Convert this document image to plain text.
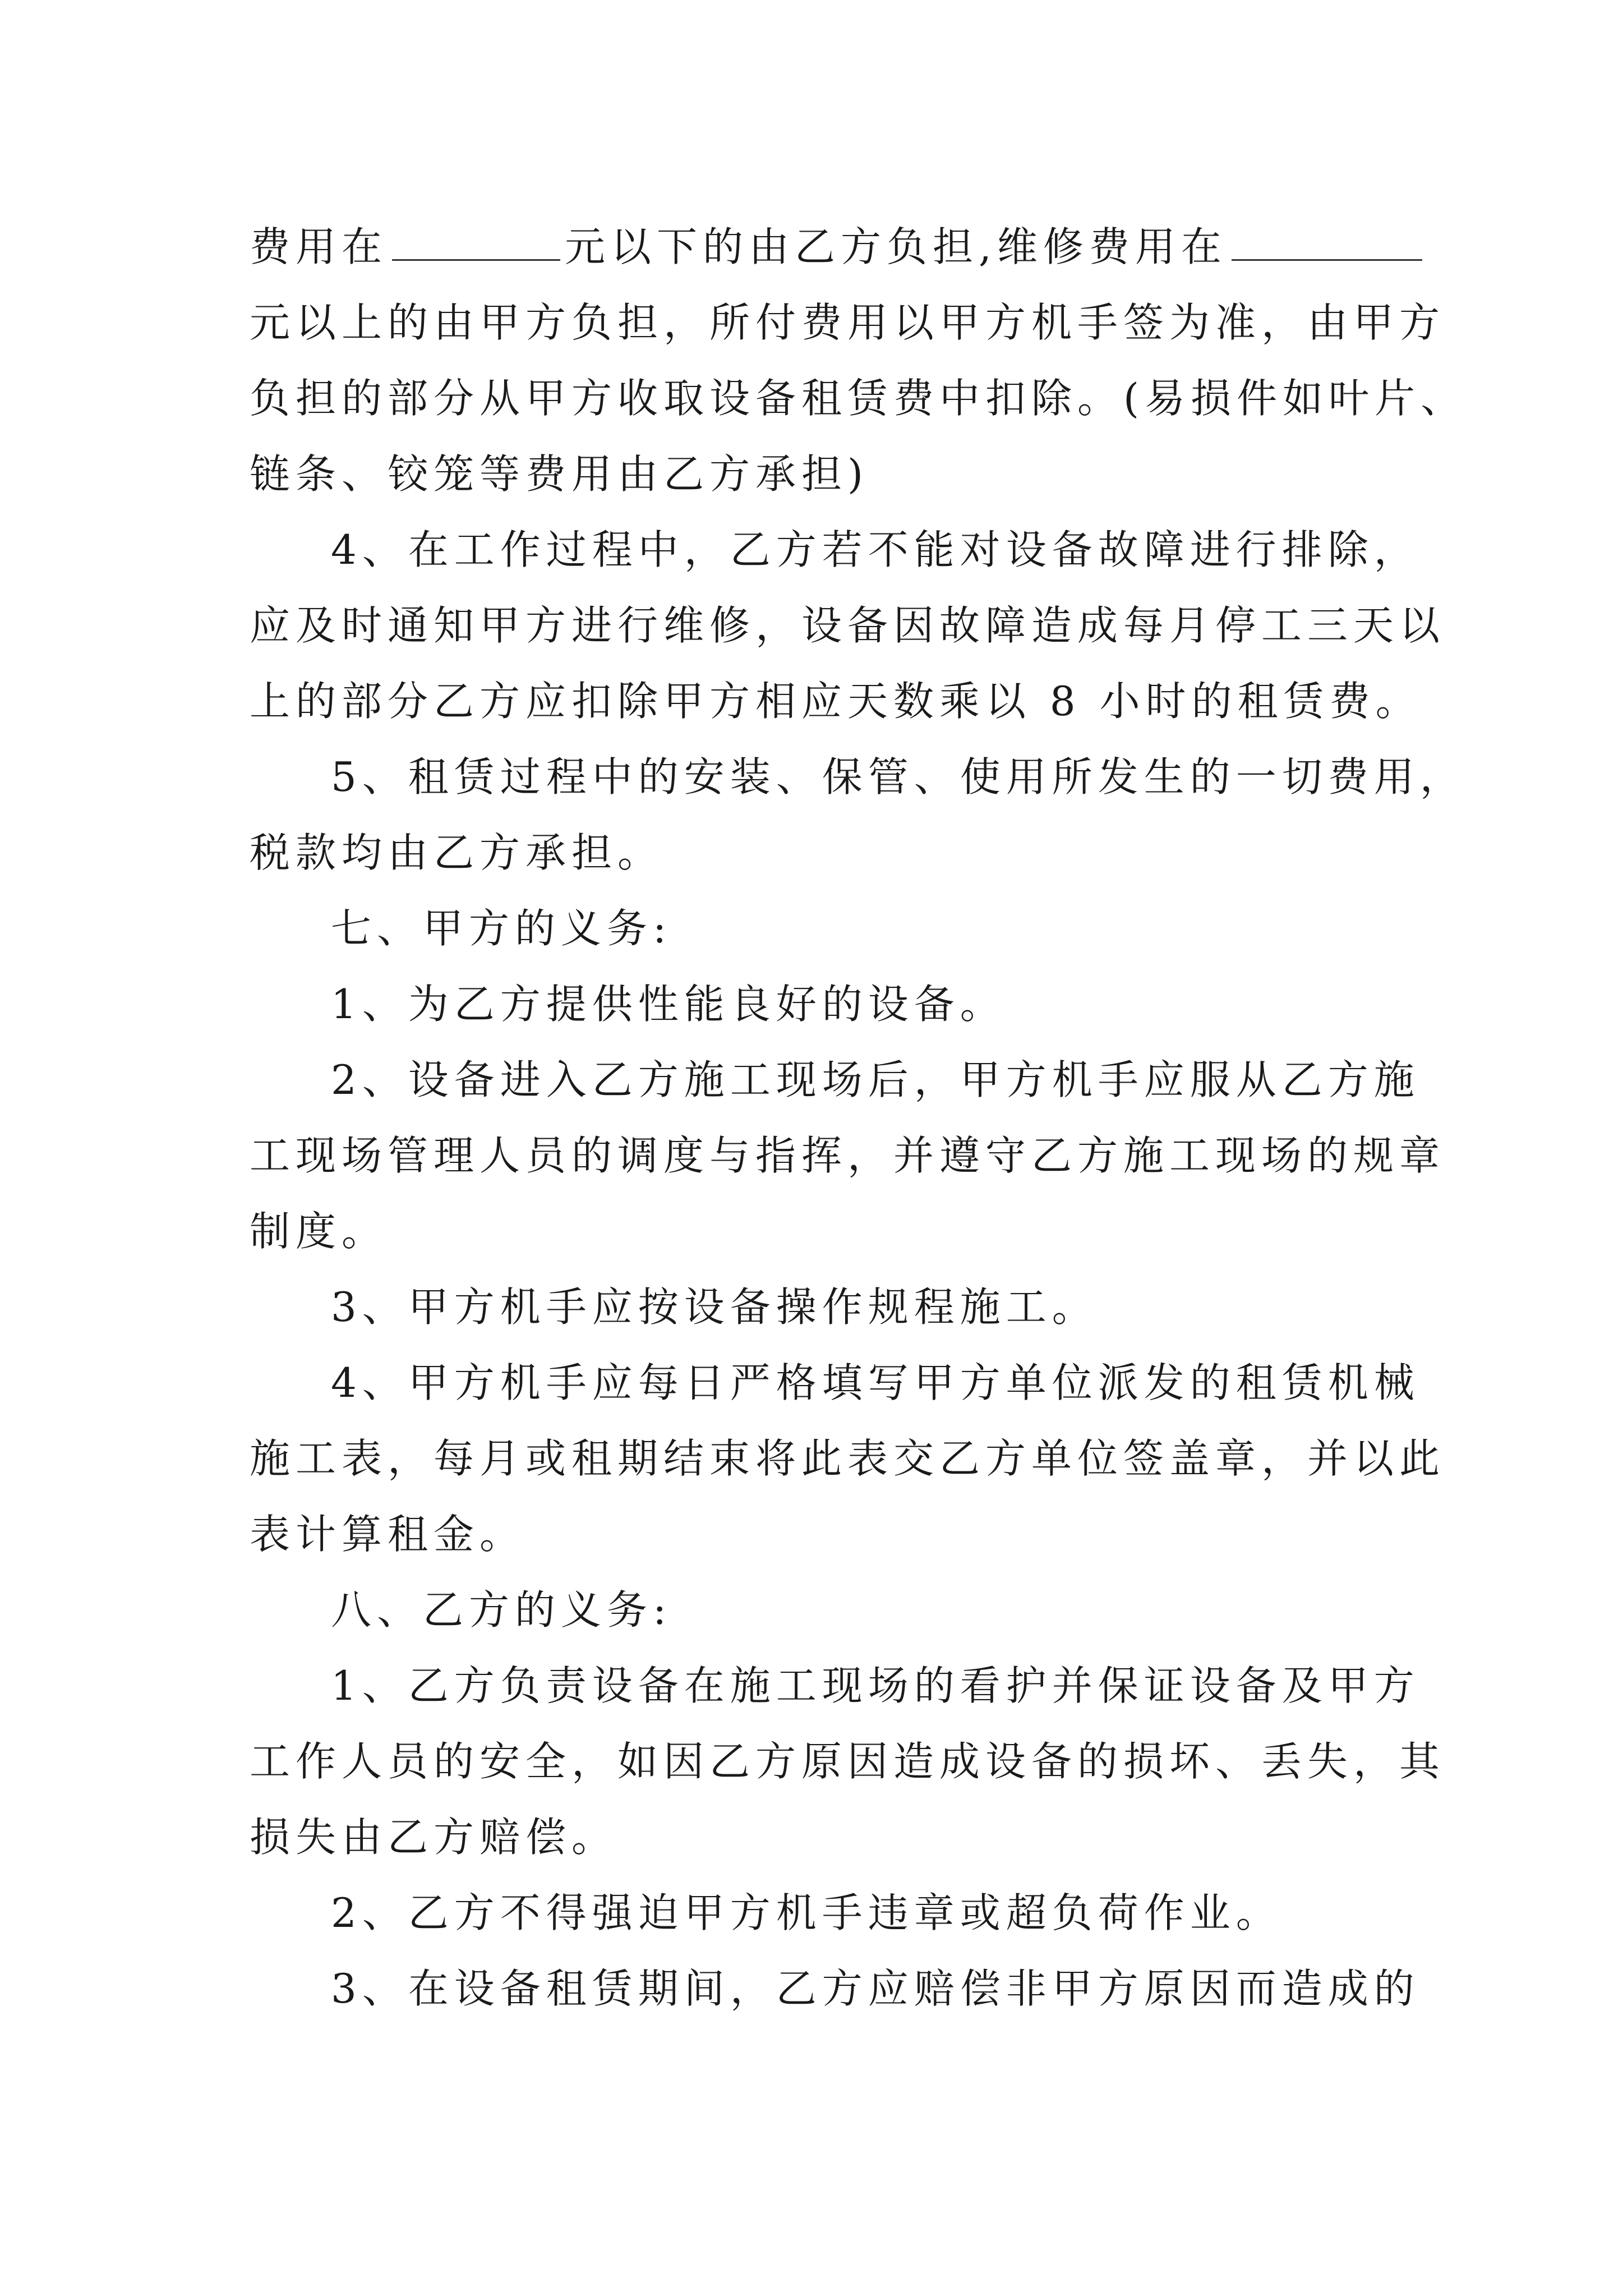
费用在	元以下的由乙方负担,维修费用在
元以上的由甲方负担，所付费用以甲方机手签为准，由甲方
负担的部分从甲方收取设备租赁费中扣除。(易损件如叶片、
链条、铰笼等费用由乙方承担)
4、在工作过程中，乙方若不能对设备故障进行排除，
应及时通知甲方进行维修，设备因故障造成每月停工三天以
上的部分乙方应扣除甲方相应天数乘以 8 小时的租赁费。
5、租赁过程中的安装、保管、使用所发生的一切费用，
税款均由乙方承担。
七、甲方的义务:
1、为乙方提供性能良好的设备。
2、设备进入乙方施工现场后，甲方机手应服从乙方施
工现场管理人员的调度与指挥，并遵守乙方施工现场的规章
制度。
3、甲方机手应按设备操作规程施工。
4、甲方机手应每日严格填写甲方单位派发的租赁机械
施工表，每月或租期结束将此表交乙方单位签盖章，并以此
表计算租金。
八、乙方的义务:
1、乙方负责设备在施工现场的看护并保证设备及甲方
工作人员的安全，如因乙方原因造成设备的损坏、丢失，其
损失由乙方赔偿。
2、乙方不得强迫甲方机手违章或超负荷作业。
3、在设备租赁期间，乙方应赔偿非甲方原因而造成的
